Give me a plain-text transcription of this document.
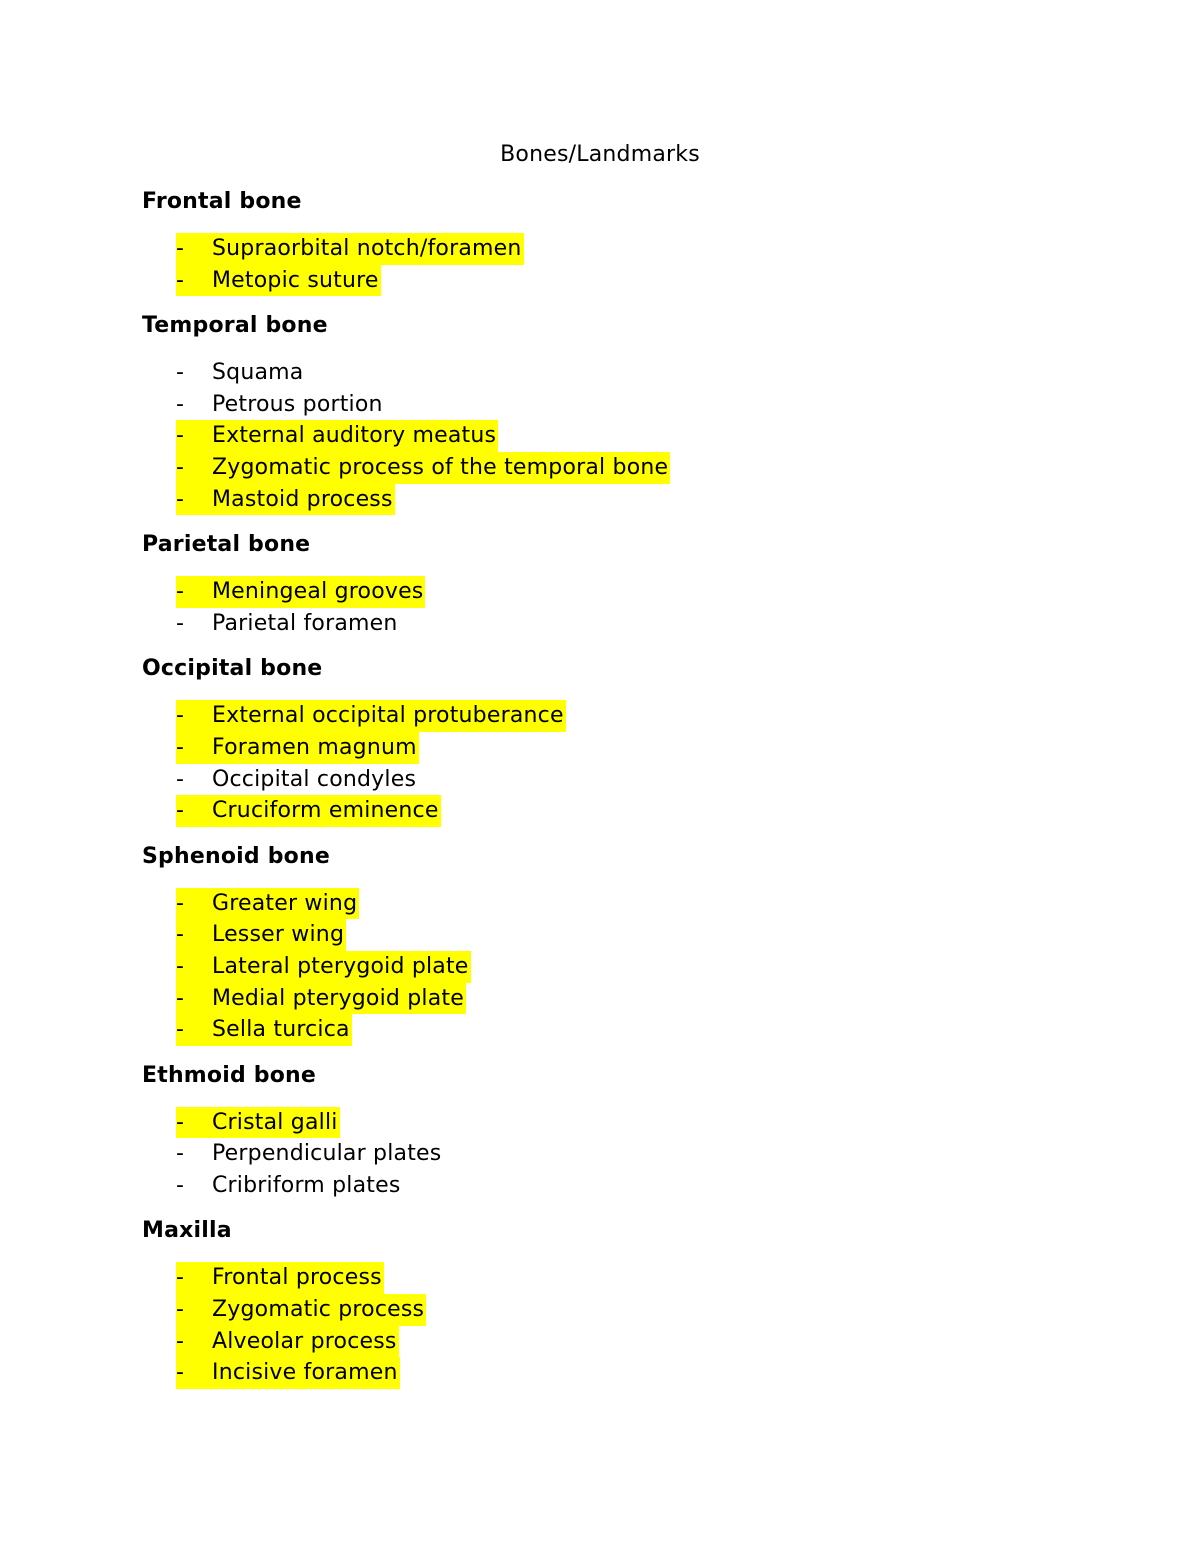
Bones/Landmarks
Frontal bone
- Supraorbital notch/foramen
- Metopic suture
Temporal bone
- Squama
- Petrous portion
- External auditory meatus
- Zygomatic process of the temporal bone
- Mastoid process
Parietal bone
- Meningeal grooves
- Parietal foramen
Occipital bone
- External occipital protuberance
- Foramen magnum
- Occipital condyles
- Cruciform eminence
Sphenoid bone
- Greater wing
- Lesser wing
- Lateral pterygoid plate
- Medial pterygoid plate
- Sella turcica
Ethmoid bone
- Cristal galli
- Perpendicular plates
- Cribriform plates
Maxilla
- Frontal process
- Zygomatic process
- Alveolar process
- Incisive foramen
